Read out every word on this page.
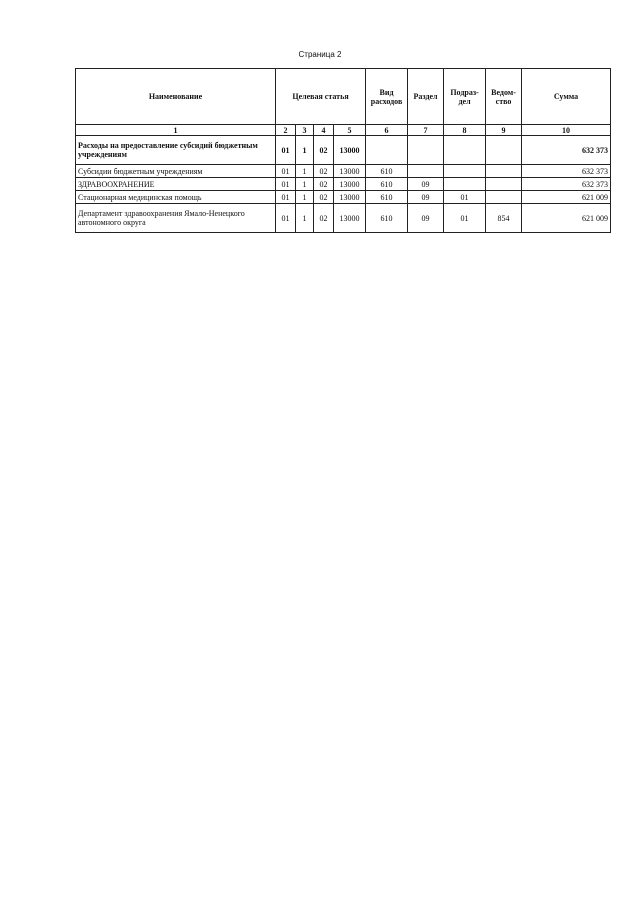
Страница 2
Наименование	Целевая статья				Вид расходов	Раздел	Подраз-дел	Ведом-ство	Сумма
1	2	3	4	5	6	7	8	9	10
Расходы на предоставление субсидий бюджетным учреждениям	01	1	02	13000					632 373
Субсидии бюджетным учреждениям	01	1	02	13000	610				632 373
ЗДРАВООХРАНЕНИЕ	01	1	02	13000	610	09			632 373
Стационарная медицинская помощь	01	1	02	13000	610	09	01		621 009
Департамент здравоохранения Ямало-Ненецкого автономного округа	01	1	02	13000	610	09	01	854	621 009
